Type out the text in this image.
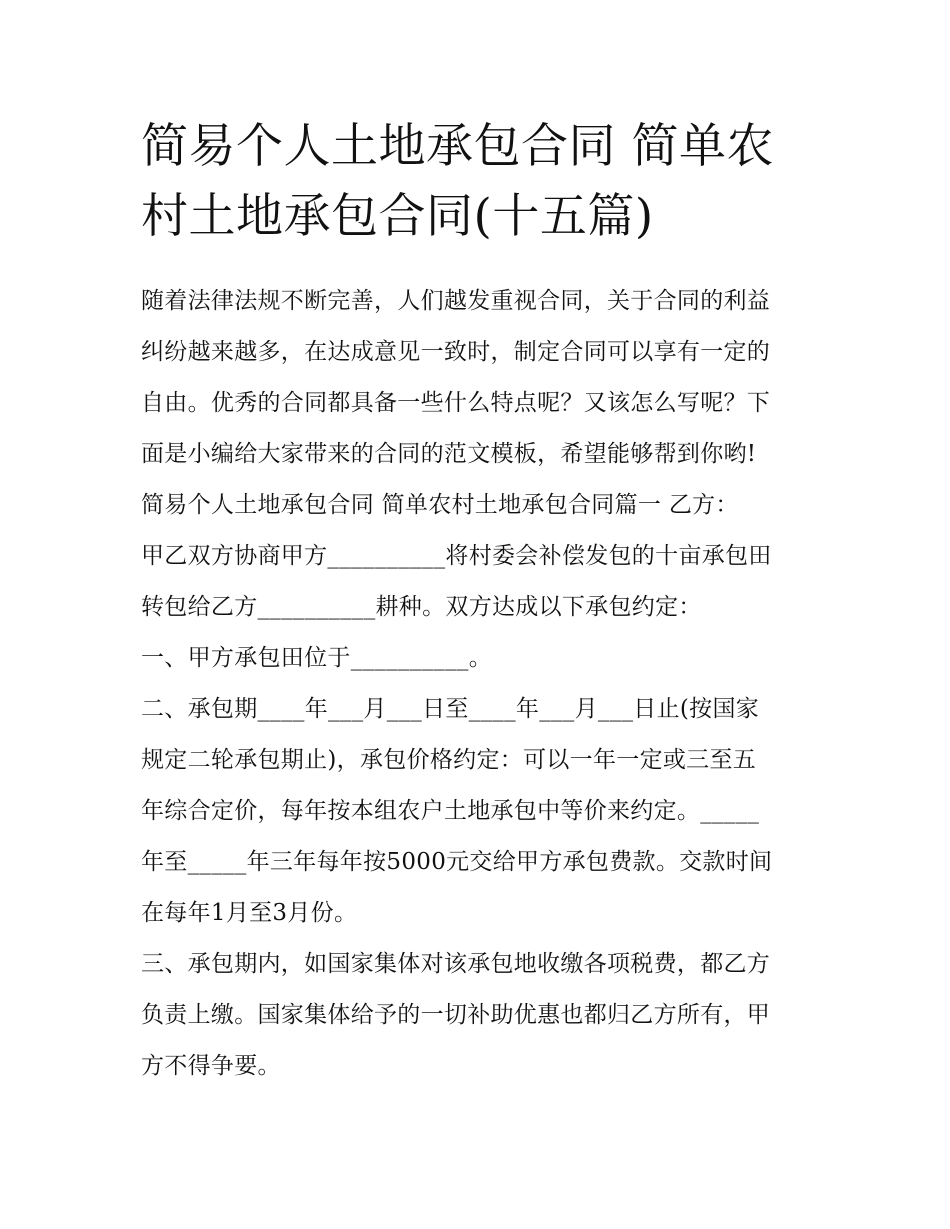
简易个人土地承包合同 简单农
村土地承包合同(十五篇)
随着法律法规不断完善，人们越发重视合同，关于合同的利益
纠纷越来越多，在达成意见一致时，制定合同可以享有一定的
自由。优秀的合同都具备一些什么特点呢？又该怎么写呢？下
面是小编给大家带来的合同的范文模板，希望能够帮到你哟!
简易个人土地承包合同 简单农村土地承包合同篇一 乙方：
甲乙双方协商甲方__________将村委会补偿发包的十亩承包田
转包给乙方__________耕种。双方达成以下承包约定：
一、甲方承包田位于__________。
二、承包期____年___月___日至____年___月___日止(按国家
规定二轮承包期止)，承包价格约定：可以一年一定或三至五
年综合定价，每年按本组农户土地承包中等价来约定。_____
年至_____年三年每年按5000元交给甲方承包费款。交款时间
在每年1月至3月份。
三、承包期内，如国家集体对该承包地收缴各项税费，都乙方
负责上缴。国家集体给予的一切补助优惠也都归乙方所有，甲
方不得争要。
